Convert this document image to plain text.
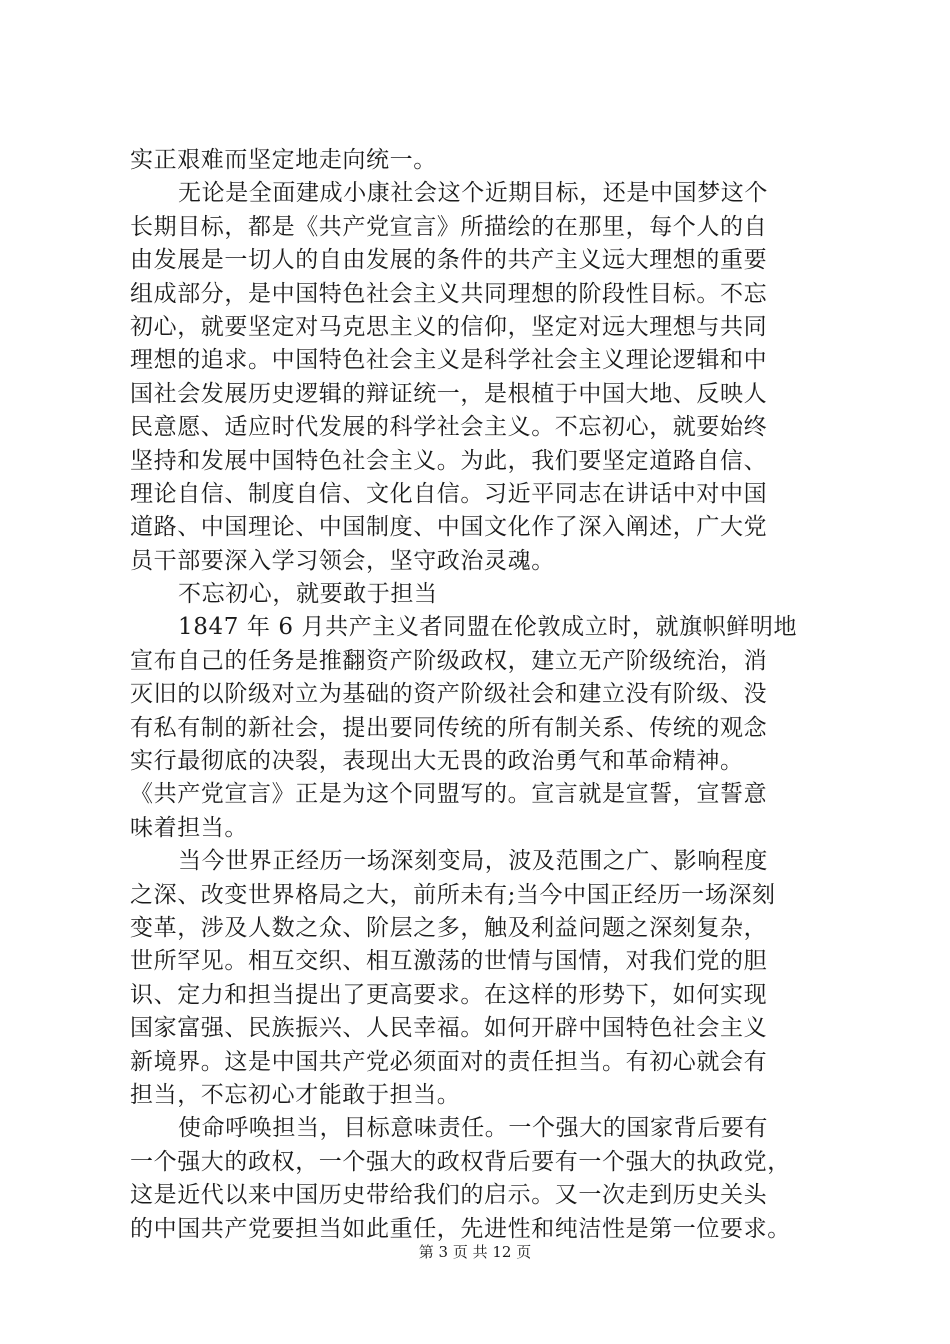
实正艰难而坚定地走向统一。
无论是全面建成小康社会这个近期目标，还是中国梦这个
长期目标，都是《共产党宣言》所描绘的在那里，每个人的自
由发展是一切人的自由发展的条件的共产主义远大理想的重要
组成部分，是中国特色社会主义共同理想的阶段性目标。不忘
初心，就要坚定对马克思主义的信仰，坚定对远大理想与共同
理想的追求。中国特色社会主义是科学社会主义理论逻辑和中
国社会发展历史逻辑的辩证统一，是根植于中国大地、反映人
民意愿、适应时代发展的科学社会主义。不忘初心，就要始终
坚持和发展中国特色社会主义。为此，我们要坚定道路自信、
理论自信、制度自信、文化自信。习近平同志在讲话中对中国
道路、中国理论、中国制度、中国文化作了深入阐述，广大党
员干部要深入学习领会，坚守政治灵魂。
不忘初心，就要敢于担当
1847 年 6 月共产主义者同盟在伦敦成立时，就旗帜鲜明地
宣布自己的任务是推翻资产阶级政权，建立无产阶级统治，消
灭旧的以阶级对立为基础的资产阶级社会和建立没有阶级、没
有私有制的新社会，提出要同传统的所有制关系、传统的观念
实行最彻底的决裂，表现出大无畏的政治勇气和革命精神。
《共产党宣言》正是为这个同盟写的。宣言就是宣誓，宣誓意
味着担当。
当今世界正经历一场深刻变局，波及范围之广、影响程度
之深、改变世界格局之大，前所未有;当今中国正经历一场深刻
变革，涉及人数之众、阶层之多，触及利益问题之深刻复杂，
世所罕见。相互交织、相互激荡的世情与国情，对我们党的胆
识、定力和担当提出了更高要求。在这样的形势下，如何实现
国家富强、民族振兴、人民幸福。如何开辟中国特色社会主义
新境界。这是中国共产党必须面对的责任担当。有初心就会有
担当，不忘初心才能敢于担当。
使命呼唤担当，目标意味责任。一个强大的国家背后要有
一个强大的政权，一个强大的政权背后要有一个强大的执政党，
这是近代以来中国历史带给我们的启示。又一次走到历史关头
的中国共产党要担当如此重任，先进性和纯洁性是第一位要求。
第 3 页 共 12 页
